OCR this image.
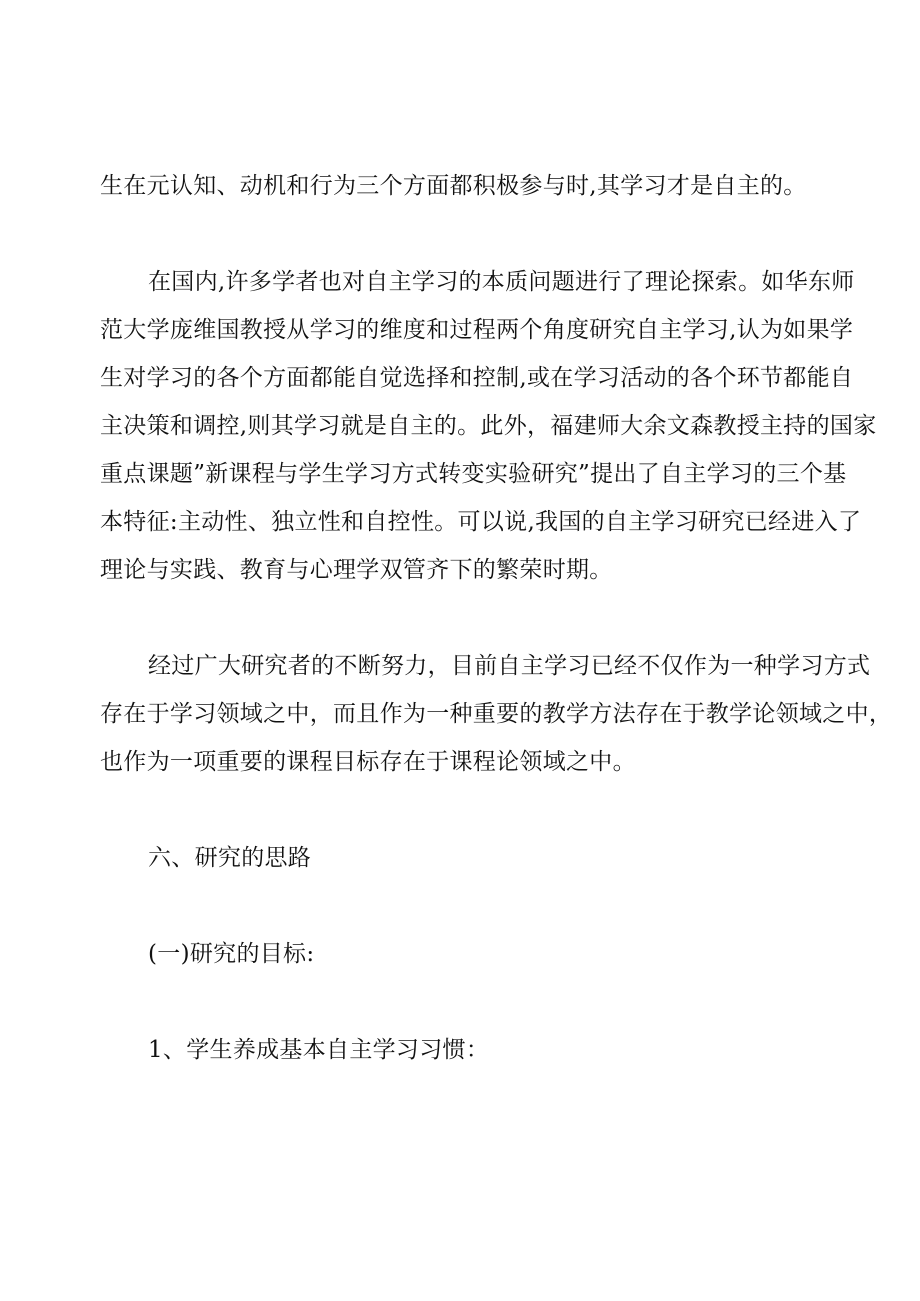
生在元认知、动机和行为三个方面都积极参与时,其学习才是自主的。
在国内,许多学者也对自主学习的本质问题进行了理论探索。如华东师
范大学庞维国教授从学习的维度和过程两个角度研究自主学习,认为如果学
生对学习的各个方面都能自觉选择和控制,或在学习活动的各个环节都能自
主决策和调控,则其学习就是自主的。此外，福建师大余文森教授主持的国家
重点课题”新课程与学生学习方式转变实验研究”提出了自主学习的三个基
本特征:主动性、独立性和自控性。可以说,我国的自主学习研究已经进入了
理论与实践、教育与心理学双管齐下的繁荣时期。
经过广大研究者的不断努力，目前自主学习已经不仅作为一种学习方式
存在于学习领域之中，而且作为一种重要的教学方法存在于教学论领域之中，
也作为一项重要的课程目标存在于课程论领域之中。
六、研究的思路
(一)研究的目标:
1、学生养成基本自主学习习惯：
